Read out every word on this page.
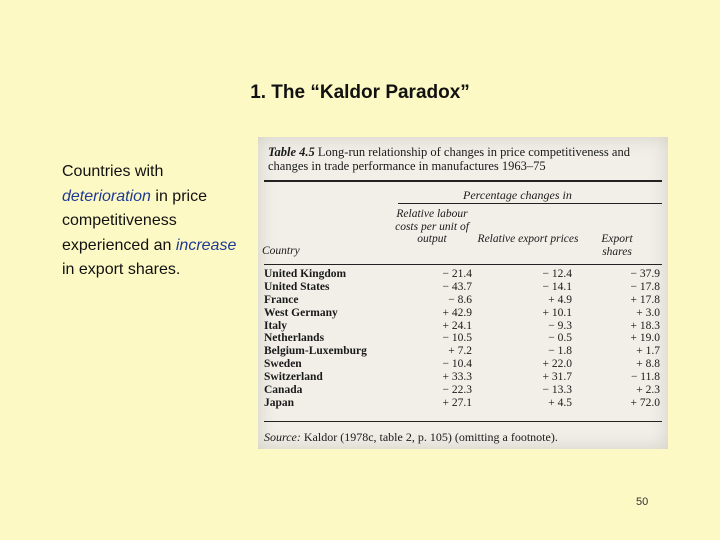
1. The “Kaldor Paradox”
Countries with deterioration in price competitiveness experienced an increase in export shares.
Table 4.5 Long-run relationship of changes in price competitiveness and changes in trade performance in manufactures 1963–75
Percentage changes in
Country
Relative labour costs per unit of output	Relative export prices	Export shares
United Kingdom	− 21.4	− 12.4	− 37.9
United States	− 43.7	− 14.1	− 17.8
France	− 8.6	+ 4.9	+ 17.8
West Germany	+ 42.9	+ 10.1	+ 3.0
Italy	+ 24.1	− 9.3	+ 18.3
Netherlands	− 10.5	− 0.5	+ 19.0
Belgium-Luxemburg	+ 7.2	− 1.8	+ 1.7
Sweden	− 10.4	+ 22.0	+ 8.8
Switzerland	+ 33.3	+ 31.7	− 11.8
Canada	− 22.3	− 13.3	+ 2.3
Japan	+ 27.1	+ 4.5	+ 72.0
Source: Kaldor (1978c, table 2, p. 105) (omitting a footnote).
50
